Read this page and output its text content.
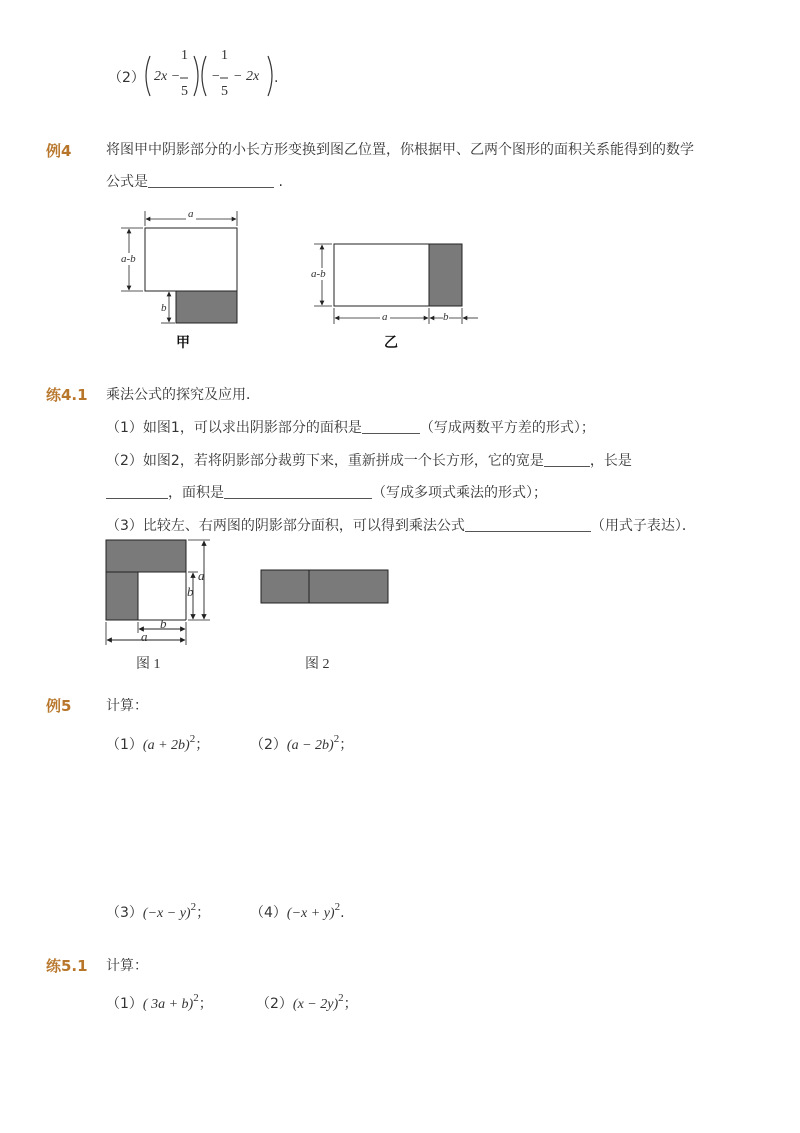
（2） 2x −
1
5
−
1
5
− 2x .
例4 将图甲中阴影部分的小长方形变换到图乙位置，你根据甲、乙两个图形的面积关系能得到的数学
公式是	.
a
a-b
b
甲
a-b
a	b
乙
练4.1 乘法公式的探究及应用．
（1）如图1，可以求出阴影部分的面积是	（写成两数平方差的形式）；
（2）如图2，若将阴影部分裁剪下来，重新拼成一个长方形，它的宽是	，长是
，面积是	（写成多项式乘法的形式）；
（3）比较左、右两图的阴影部分面积，可以得到乘法公式	（用式子表达）．
a
b
b
a
图 1	图 2
例5 计算：
$(1)(a + 2b)^2$；	$(2)(a - 2b)^2$；
$(3)(-x - y)^2$；	$(4)(-x + y)^2$.
练5.1 计算：
（1）( 3a + b)$^2$；	$(2)(x - 2y)^2$；
